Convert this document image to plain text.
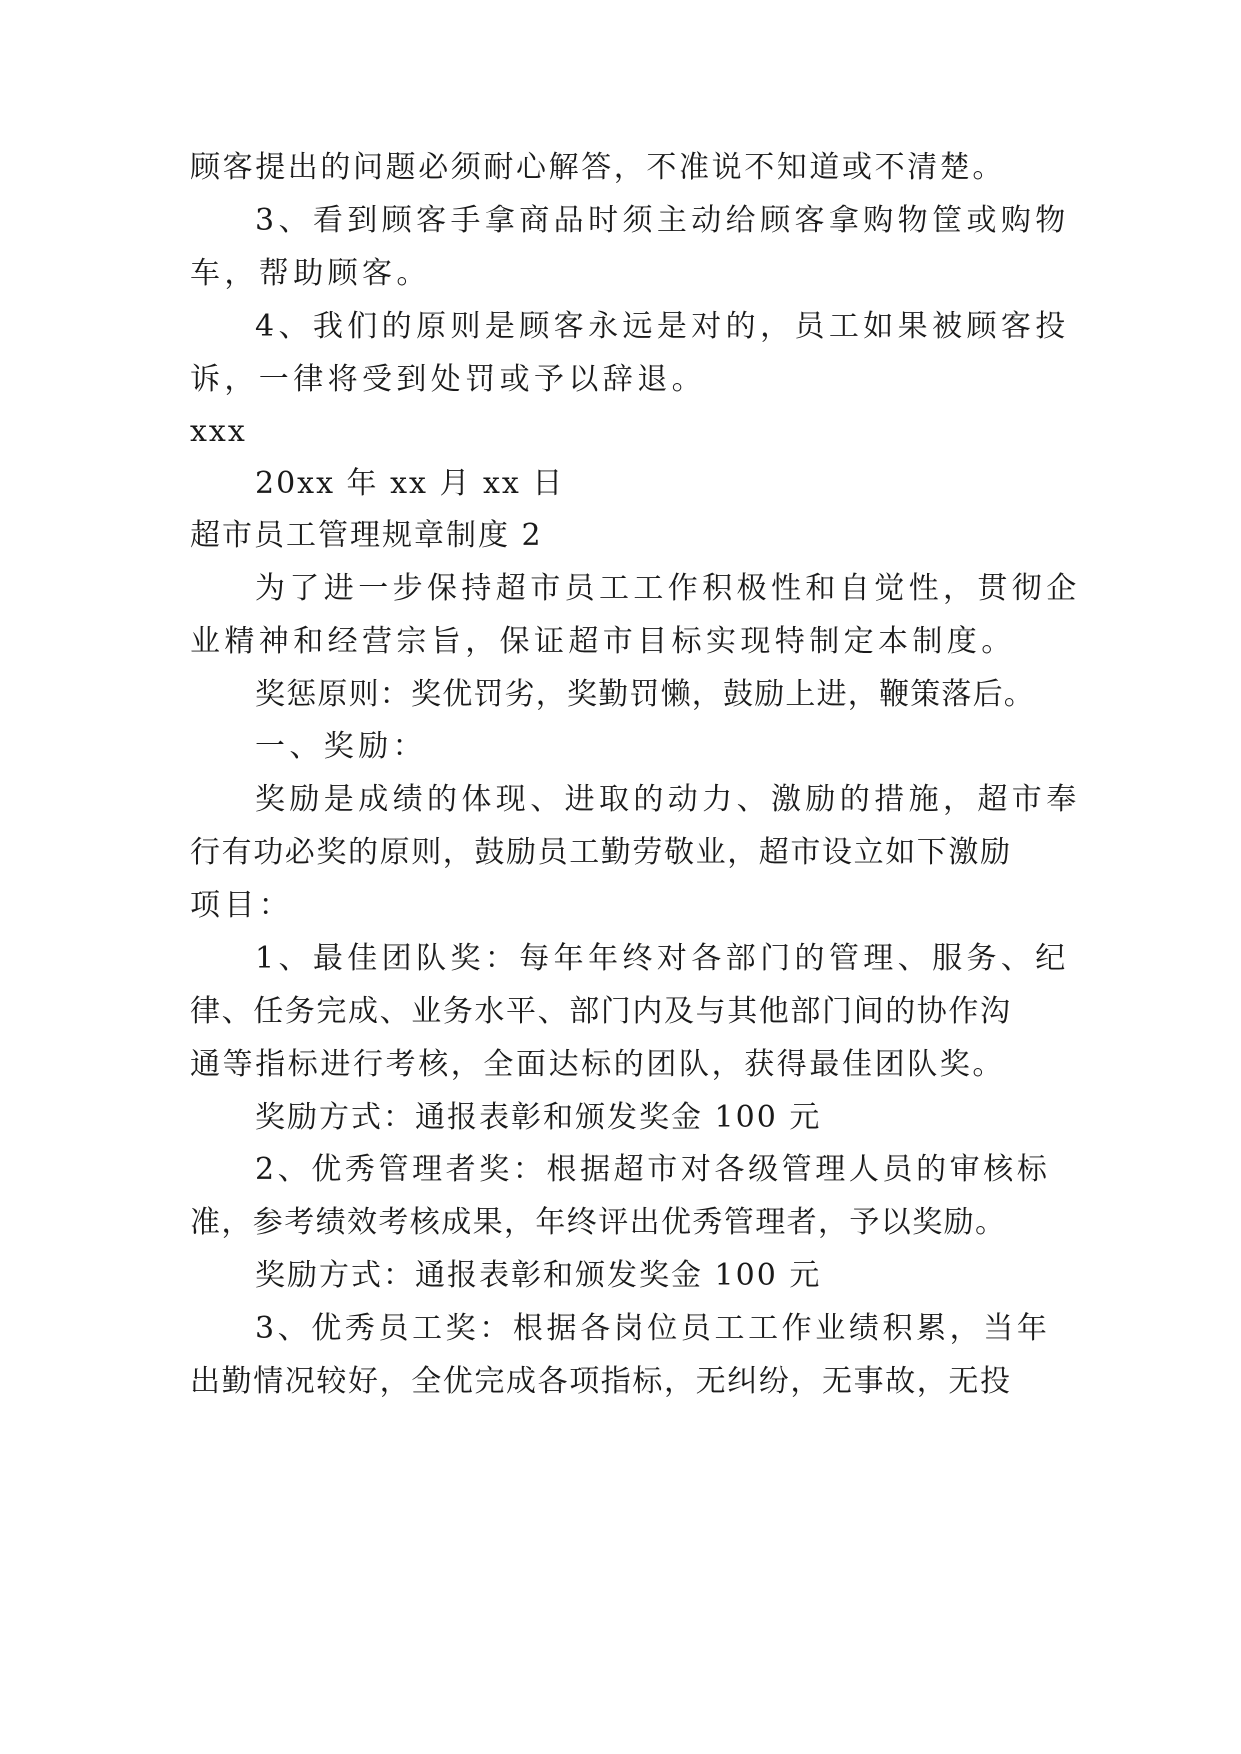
顾客提出的问题必须耐心解答，不准说不知道或不清楚。
3、看到顾客手拿商品时须主动给顾客拿购物筐或购物
车，帮助顾客。
4、我们的原则是顾客永远是对的，员工如果被顾客投
诉，一律将受到处罚或予以辞退。
xxx
20xx 年 xx 月 xx 日
超市员工管理规章制度 2
为了进一步保持超市员工工作积极性和自觉性，贯彻企
业精神和经营宗旨，保证超市目标实现特制定本制度。
奖惩原则：奖优罚劣，奖勤罚懒，鼓励上进，鞭策落后。
一、奖励：
奖励是成绩的体现、进取的动力、激励的措施，超市奉
行有功必奖的原则，鼓励员工勤劳敬业，超市设立如下激励
项目：
1、最佳团队奖：每年年终对各部门的管理、服务、纪
律、任务完成、业务水平、部门内及与其他部门间的协作沟
通等指标进行考核，全面达标的团队，获得最佳团队奖。
奖励方式：通报表彰和颁发奖金 100 元
2、优秀管理者奖：根据超市对各级管理人员的审核标
准，参考绩效考核成果，年终评出优秀管理者，予以奖励。
奖励方式：通报表彰和颁发奖金 100 元
3、优秀员工奖：根据各岗位员工工作业绩积累，当年
出勤情况较好，全优完成各项指标，无纠纷，无事故，无投
